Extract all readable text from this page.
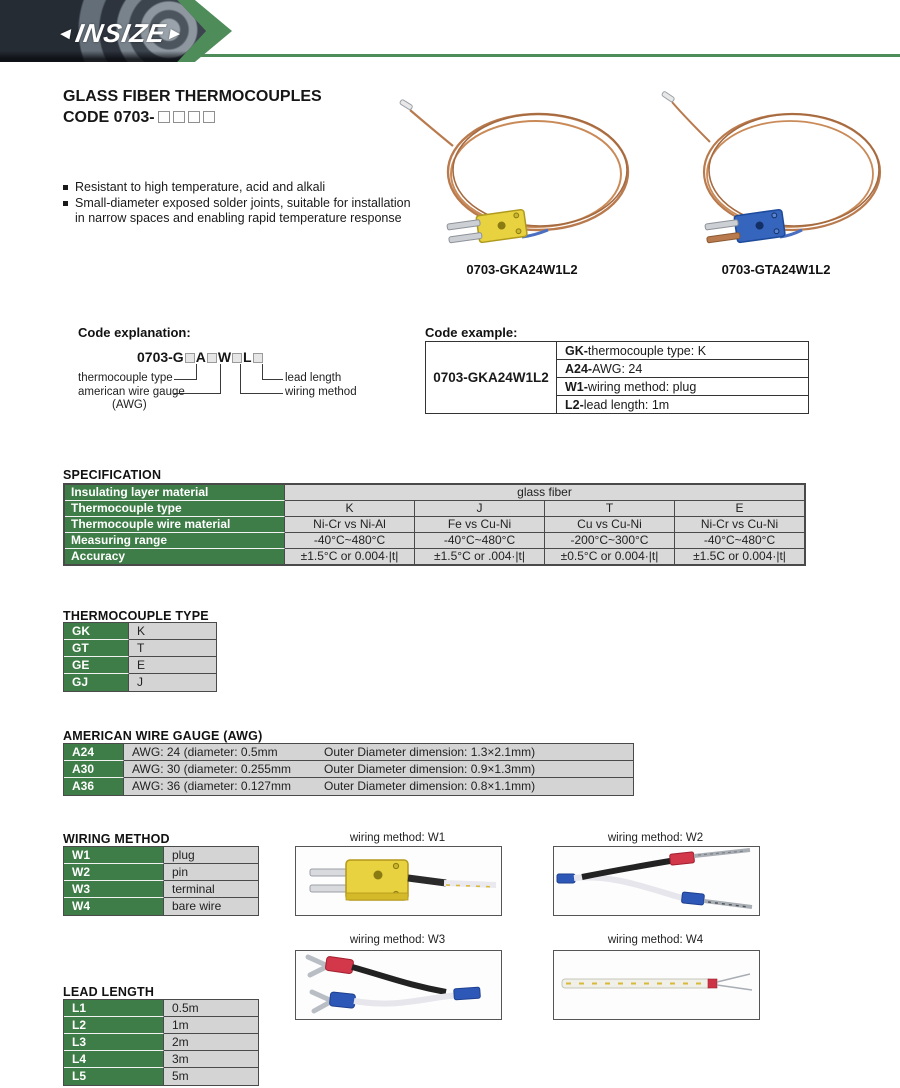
◄
INSIZE
►
GLASS FIBER THERMOCOUPLES
CODE 0703-
Resistant to high temperature, acid and alkali
Small-diameter exposed solder joints, suitable for installation in narrow spaces and enabling rapid temperature response
0703-GKA24W1L2	0703-GTA24W1L2
Code explanation:
0703-G A W L
thermocouple type
american wire gauge
(AWG)
lead length
wiring method
Code example:
0703-GKA24W1L2	GK-thermocouple type: K
A24-AWG: 24
W1-wiring method: plug
L2-lead length: 1m
SPECIFICATION
Insulating layer material	glass fiber			
Thermocouple type	K	J	T	E
Thermocouple wire material	Ni-Cr vs Ni-Al	Fe vs Cu-Ni	Cu vs Cu-Ni	Ni-Cr vs Cu-Ni
Measuring range	-40°C~480°C	-40°C~480°C	-200°C~300°C	-40°C~480°C
Accuracy	±1.5°C or 0.004·|t|	±1.5°C or .004·|t|	±0.5°C or 0.004·|t|	±1.5C or 0.004·|t|
THERMOCOUPLE TYPE
GK	K
GT	T
GE	E
GJ	J
AMERICAN WIRE GAUGE (AWG)
A24	AWG: 24 (diameter: 0.5mm	Outer Diameter dimension: 1.3×2.1mm)
A30	AWG: 30 (diameter: 0.255mm	Outer Diameter dimension: 0.9×1.3mm)
A36	AWG: 36 (diameter: 0.127mm	Outer Diameter dimension: 0.8×1.1mm)
WIRING METHOD
W1	plug
W2	pin
W3	terminal
W4	bare wire
wiring method: W1	wiring method: W2
wiring method: W3	wiring method: W4
LEAD LENGTH
L1	0.5m
L2	1m
L3	2m
L4	3m
L5	5m
